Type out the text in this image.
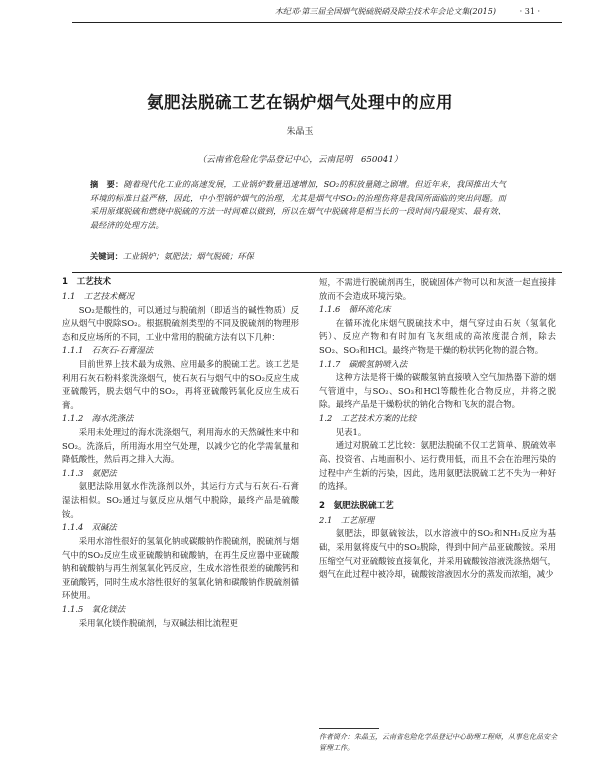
木纪邓·第三届全国烟气脱硫脱硝及除尘技术年会论文集(2015)	· 31 ·
氨肥法脱硫工艺在锅炉烟气处理中的应用
朱晶玉
（云南省危险化学品登记中心，云南昆明　650041）
摘　要：随着现代化工业的高速发展，工业锅炉数量迅速增加，SO₂的积放量随之剧增。但近年来，我国推出大气环境的标准日益严格，因此，中小型锅炉烟气的治理，尤其是烟气中SO₂的治理伤将是我国所面临的突出问题。而采用原煤脱硫和燃烧中脱硫的方法一时间难以做到，所以在烟气中脱硫将是相当长的一段时间内最现实、最有效、最经济的处理方法。
关键词：工业锅炉；氨肥法；烟气脱硫；环保
1　工艺技术
1.1　工艺技术概况

SO₂是酸性的，可以通过与脱硫剂（即适当的碱性物质）反应从烟气中脱除SO₂。根据脱硫剂类型的不同及脱硫剂的物理形态和反应场所的不同，工业中常用的脱硫方法有以下几种：

1.1.1　石灰石-石膏湿法

目前世界上技术最为成熟、应用最多的脱硫工艺。该工艺是利用石灰石粉料浆洗涤烟气，使石灰石与烟气中的SO₂反应生成亚硫酸钙，脱去烟气中的SO₂，再将亚硫酸钙氧化反应生成石膏。

1.1.2　海水洗涤法

采用未处理过的海水洗涤烟气，利用海水的天然碱性来中和SO₂。洗涤后，所用海水用空气处理，以减少它的化学需氧量和降低酸性，然后再之排入大海。

1.1.3　氨肥法

氨肥法除用氨水作洗涤剂以外，其运行方式与石灰石-石膏湿法相似。SO₂通过与氨反应从烟气中脱除，最终产品是硫酸铵。

1.1.4　双碱法

采用水溶性很好的氢氧化钠或碳酸钠作脱硫剂，脱硫剂与烟气中的SO₂反应生成亚硫酸钠和硫酸钠，在再生反应器中亚硫酸钠和硫酸钠与再生剂氢氧化钙反应，生成水溶性很差的硫酸钙和亚硫酸钙，同时生成水溶性很好的氢氧化钠和碳酸钠作脱硫剂循环使用。

1.1.5　氧化镁法

采用氧化镁作脱硫剂，与双碱法相比流程更

短，不需进行脱硫剂再生，脱硫固体产物可以和灰渣一起直接排放而不会造成环境污染。

1.1.6　循环流化床

在循环流化床烟气脱硫技术中，烟气穿过由石灰（氢氧化钙）、反应产物和有时加有飞灰组成的高浓度混合剂，除去SO₂、SO₃和HCl。最终产物是干燥的粉状钙化物的混合物。

1.1.7　碳酸氢钠喷入法

这种方法是将干燥的碳酸氢钠直接喷入空气加热器下游的烟气管道中，与SO₂、SO₃和HCl等酸性化合物反应，并将之脱除。最终产品是干燥粉状的钠化合物和飞灰的混合物。

1.2　工艺技术方案的比较

见表1。

通过对脱硫工艺比较：氨肥法脱硫不仅工艺简单、脱硫效率高、投资省、占地面积小、运行费用低，而且不会在治理污染的过程中产生新的污染，因此，选用氨肥法脱硫工艺不失为一种好的选择。

2　氨肥法脱硫工艺
2.1　工艺原理

氨肥法，即氨硫铵法，以水溶液中的SO₂和NH₃反应为基础，采用氨将废气中的SO₂脱除，得到中间产品亚硫酸铵。采用压缩空气对亚硫酸铵直接氧化，并采用硫酸铵溶液洗涤热烟气，烟气在此过程中被冷却，硫酸铵溶液因水分的蒸发而浓缩，减少

作者简介：朱晶玉，云南省危险化学品登记中心助理工程师，从事危化品安全管理工作。
